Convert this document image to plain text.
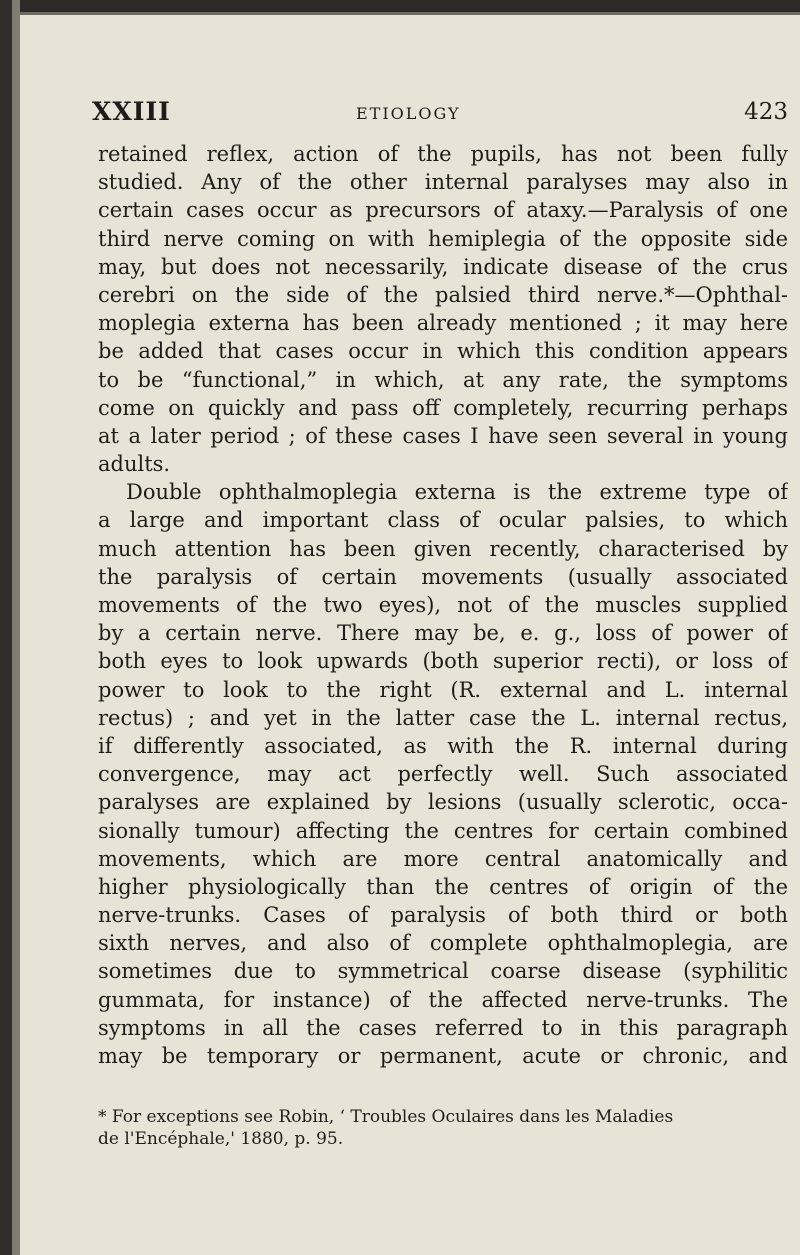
XXIII	ETIOLOGY	423
retained reflex, action of the pupils, has not been fully
studied. Any of the other internal paralyses may also in
certain cases occur as precursors of ataxy.—Paralysis of one
third nerve coming on with hemiplegia of the opposite side
may, but does not necessarily, indicate disease of the crus
cerebri on the side of the palsied third nerve.*—Ophthal-
moplegia externa has been already mentioned ; it may here
be added that cases occur in which this condition appears
to be “functional,” in which, at any rate, the symptoms
come on quickly and pass off completely, recurring perhaps
at a later period ; of these cases I have seen several in young
adults.
Double ophthalmoplegia externa is the extreme type of
a large and important class of ocular palsies, to which
much attention has been given recently, characterised by
the paralysis of certain movements (usually associated
movements of the two eyes), not of the muscles supplied
by a certain nerve. There may be, e. g., loss of power of
both eyes to look upwards (both superior recti), or loss of
power to look to the right (R. external and L. internal
rectus) ; and yet in the latter case the L. internal rectus,
if differently associated, as with the R. internal during
convergence, may act perfectly well. Such associated
paralyses are explained by lesions (usually sclerotic, occa-
sionally tumour) affecting the centres for certain combined
movements, which are more central anatomically and
higher physiologically than the centres of origin of the
nerve-trunks. Cases of paralysis of both third or both
sixth nerves, and also of complete ophthalmoplegia, are
sometimes due to symmetrical coarse disease (syphilitic
gummata, for instance) of the affected nerve-trunks. The
symptoms in all the cases referred to in this paragraph
may be temporary or permanent, acute or chronic, and
* For exceptions see Robin, ‘ Troubles Oculaires dans les Maladies
de l'Encéphale,' 1880, p. 95.
